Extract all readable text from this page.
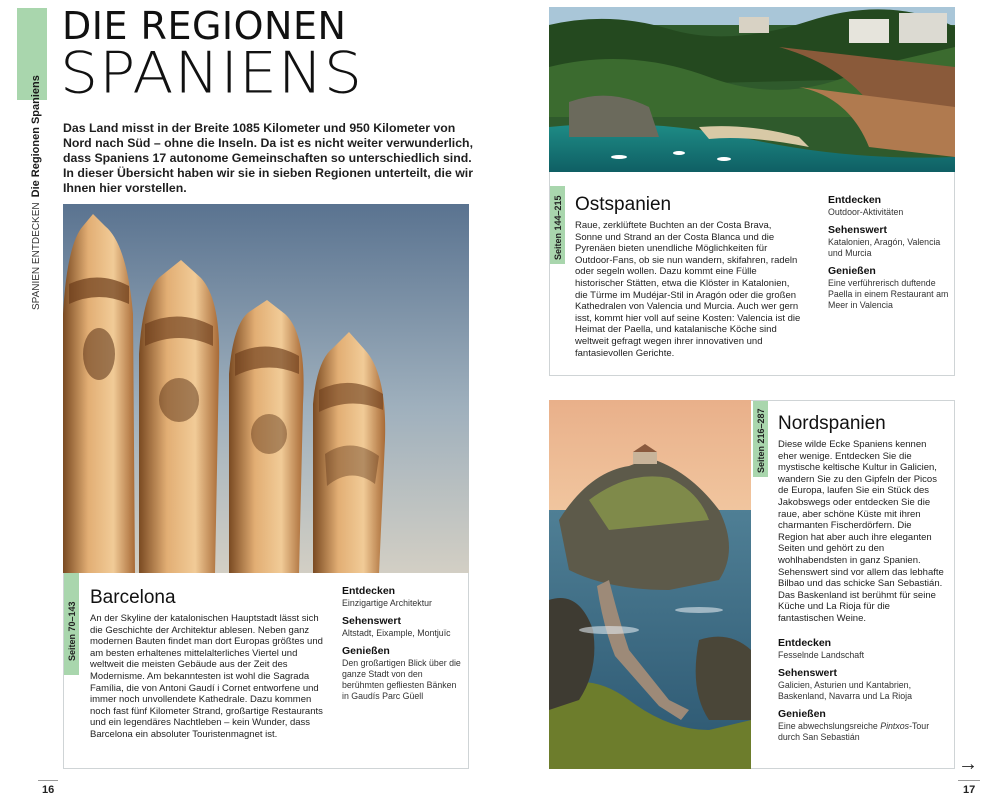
SPANIEN ENTDECKENDie Regionen Spaniens
DIE REGIONEN
SPANIENS

Das Land misst in der Breite 1085 Kilometer und 950 Kilometer von Nord nach Süd – ohne die Inseln. Da ist es nicht weiter verwunderlich, dass Spaniens 17 autonome Gemeinschaften so unterschiedlich sind. In dieser Übersicht haben wir sie in sieben Regionen unterteilt, die wir Ihnen hier vorstellen.

Seiten 70–143
Barcelona

An der Skyline der katalonischen Hauptstadt lässt sich die Geschichte der Architektur ablesen. Neben ganz modernen Bauten findet man dort Europas größtes und am besten erhaltenes mittelalterliches Viertel und weltweit die meisten Gebäude aus der Zeit des Modernisme. Am bekanntesten ist wohl die Sagrada Família, die von Antoni Gaudí i Cornet entworfene und immer noch unvollendete Kathedrale. Dazu kommen noch fast fünf Kilometer Strand, großartige Restaurants und ein legendäres Nachtleben – kein Wunder, dass Barcelona ein absoluter Touristenmagnet ist.

Entdecken
Einzigartige Architektur
Sehenswert
Altstadt, Eixample, Montjuïc
Genießen
Den großartigen Blick über die ganze Stadt von den berühmten geﬂiesten Bänken in Gaudís Parc Güell
16
Seiten 144–215 Ostspanien

Raue, zerklüftete Buchten an der Costa Brava, Sonne und Strand an der Costa Blanca und die Pyrenäen bieten unendliche Möglichkeiten für Outdoor-Fans, ob sie nun wandern, skifahren, radeln oder segeln wollen. Dazu kommt eine Fülle historischer Stätten, etwa die Klöster in Katalonien, die Türme im Mudéjar-Stil in Aragón oder die großen Kathedralen von Valencia und Murcia. Auch wer gern isst, kommt hier voll auf seine Kosten: Valencia ist die Heimat der Paella, und katalanische Köche sind weltweit gefragt wegen ihrer innovativen und fantasievollen Gerichte.

Entdecken
Outdoor-Aktivitäten
Sehenswert
Katalonien, Aragón, Valencia und Murcia
Genießen
Eine verführerisch duftende Paella in einem Restaurant am Meer in Valencia
Seiten 216–287 Nordspanien

Diese wilde Ecke Spaniens kennen eher wenige. Entdecken Sie die mystische keltische Kultur in Galicien, wandern Sie zu den Gipfeln der Picos de Europa, laufen Sie ein Stück des Jakobswegs oder entdecken Sie die raue, aber schöne Küste mit ihren charmanten Fischerdörfern. Die Region hat aber auch ihre eleganten Seiten und gehört zu den wohlhabendsten in ganz Spanien. Sehenswert sind vor allem das lebhafte Bilbao und das schicke San Sebastián. Das Baskenland ist berühmt für seine Küche und La Rioja für die fantastischen Weine.

Entdecken
Fesselnde Landschaft
Sehenswert
Galicien, Asturien und Kantabrien, Baskenland, Navarra und La Rioja
Genießen
Eine abwechslungsreiche Pintxos-Tour durch San Sebastián
→
17
